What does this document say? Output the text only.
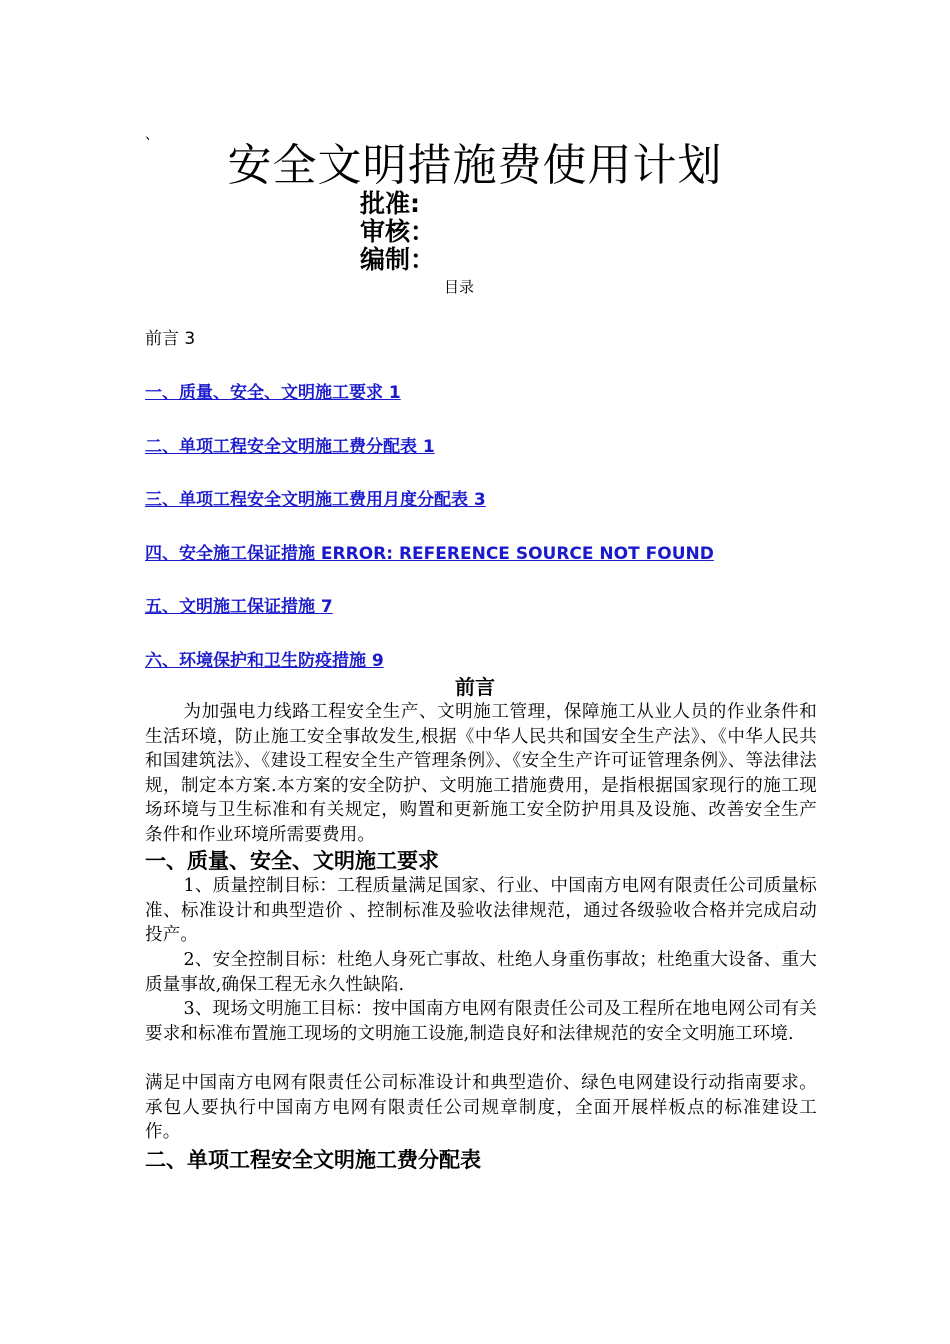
、
安全文明措施费使用计划
批准:
审核：
编制：
目录
前言 3
一、质量、安全、文明施工要求 1
二、单项工程安全文明施工费分配表 1
三、单项工程安全文明施工费用月度分配表 3
四、安全施工保证措施 ERROR: REFERENCE SOURCE NOT FOUND
五、文明施工保证措施 7
六、环境保护和卫生防疫措施 9
前言
为加强电力线路工程安全生产、文明施工管理，保障施工从业人员的作业条件和生活环境，防止施工安全事故发生,根据《中华人民共和国安全生产法》、《中华人民共和国建筑法》、《建设工程安全生产管理条例》、《安全生产许可证管理条例》、等法律法规，制定本方案.本方案的安全防护、文明施工措施费用，是指根据国家现行的施工现场环境与卫生标准和有关规定，购置和更新施工安全防护用具及设施、改善安全生产条件和作业环境所需要费用。
一、质量、安全、文明施工要求
1、质量控制目标：工程质量满足国家、行业、中国南方电网有限责任公司质量标准、标准设计和典型造价 、控制标准及验收法律规范，通过各级验收合格并完成启动投产。
2、安全控制目标：杜绝人身死亡事故、杜绝人身重伤事故；杜绝重大设备、重大质量事故,确保工程无永久性缺陷.
3、现场文明施工目标：按中国南方电网有限责任公司及工程所在地电网公司有关要求和标准布置施工现场的文明施工设施,制造良好和法律规范的安全文明施工环境.
满足中国南方电网有限责任公司标准设计和典型造价、绿色电网建设行动指南要求。承包人要执行中国南方电网有限责任公司规章制度，全面开展样板点的标准建设工作。
二、单项工程安全文明施工费分配表
